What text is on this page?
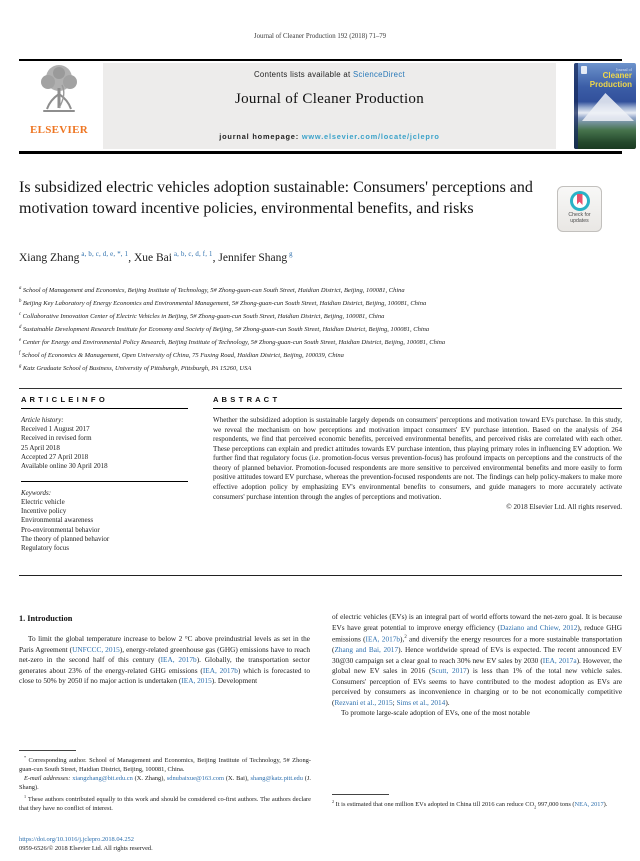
Journal of Cleaner Production 192 (2018) 71–79
ELSEVIER
Contents lists available at ScienceDirect
Journal of Cleaner Production
journal homepage: www.elsevier.com/locate/jclepro
Journal of
Cleaner
Production
Is subsidized electric vehicles adoption sustainable: Consumers' perceptions and motivation toward incentive policies, environmental benefits, and risks	Check for
updates
Xiang Zhang $^{a, b, c, d, e, *, 1}$, Xue Bai $^{a, b, c, d, f, 1}$, Jennifer Shang $^g$
$^a$ School of Management and Economics, Beijing Institute of Technology, 5# Zhong-guan-cun South Street, Haidian District, Beijing, 100081, China
$^b$ Beijing Key Laboratory of Energy Economics and Environmental Management, 5# Zhong-guan-cun South Street, Haidian District, Beijing, 100081, China
$^c$ Collaborative Innovation Center of Electric Vehicles in Beijing, 5# Zhong-guan-cun South Street, Haidian District, Beijing, 100081, China
$^d$ Sustainable Development Research Institute for Economy and Society of Beijing, 5# Zhong-guan-cun South Street, Haidian District, Beijing, 100081, China
$^e$ Center for Energy and Environmental Policy Research, Beijing Institute of Technology, 5# Zhong-guan-cun South Street, Haidian District, Beijing, 100081, China
$^f$ School of Economics & Management, Open University of China, 75 Fuxing Road, Haidian District, Beijing, 100039, China
$^g$ Katz Graduate School of Business, University of Pittsburgh, Pittsburgh, PA 15260, USA
A R T I C L E I N F O
Article history:
Received 1 August 2017
Received in revised form
25 April 2018
Accepted 27 April 2018
Available online 30 April 2018
Keywords:
Electric vehicle
Incentive policy
Environmental awareness
Pro-environmental behavior
The theory of planned behavior
Regulatory focus
A B S T R A C T
Whether the subsidized adoption is sustainable largely depends on consumers' perceptions and motivation toward EVs purchase. In this study, we reveal the mechanism on how perceptions and motivation impact consumers' EV purchase intention. Based on the analysis of 264 respondents, we find that perceived economic benefits, perceived environmental benefits, and perceived risks are correlated with each other. These perceptions can explain and predict attitudes towards EV purchase intention, thus playing primary roles in influencing EV adoption. We further find that regulatory focus (i.e. promotion-focus versus prevention-focus) has profound impacts on perceptions and the constructs of the theory of planned behavior. Promotion-focused respondents are more sensitive to perceived environmental benefits and more easily to form positive attitudes toward EV purchase, whereas the prevention-focused respondents are not. The findings can help policy-makers to make more effective adoption policy by emphasizing EV's environmental benefits to consumers, and guide managers to more accurately activate consumers' purchase intention through the angles of perceptions and motivation.
© 2018 Elsevier Ltd. All rights reserved.
1. Introduction

To limit the global temperature increase to below 2 °C above preindustrial levels as set in the Paris Agreement (UNFCCC, 2015), energy-related greenhouse gas (GHG) emissions have to reach net-zero in the second half of this century (IEA, 2017b). Globally, the transportation sector generates about 23% of the energy-related GHG emissions (IEA, 2017b) which is forecasted to close to 50% by 2050 if no major action is undertaken (IEA, 2015). Development

of electric vehicles (EVs) is an integral part of world efforts toward the net-zero goal. It is because EVs have great potential to improve energy efficiency (Daziano and Chiew, 2012), reduce GHG emissions (IEA, 2017b),$^2$ and diversify the energy resources for a more sustainable transportation (Zhang and Bai, 2017). Hence worldwide spread of EVs is expected. The recent announced EV 30@30 campaign set a clear goal to reach 30% new EV sales by 2030 (IEA, 2017a). However, the global new EV sales in 2016 (Scutt, 2017) is less than 1% of the total new vehicle sales. Consumers' perception of EVs seems to have contributed to the modest adoption as EVs are perceived by consumers as inconvenience in charging or to be not economically competitive (Rezvani et al., 2015; Sims et al., 2014).

To promote large-scale adoption of EVs, one of the most notable

* Corresponding author. School of Management and Economics, Beijing Institute of Technology, 5# Zhong-guan-cun South Street, Haidian District, Beijing, 100081, China.

E-mail addresses: xiangzhang@bit.edu.cn (X. Zhang), sdnubaixue@163.com (X. Bai), shang@katz.pitt.edu (J. Shang).

$^1$ These authors contributed equally to this work and should be considered co-first authors. The authors declare that they have no conflict of interest.

$^2$ It is estimated that one million EVs adopted in China till 2016 can reduce $CO_2$ 997,000 tons (NEA, 2017).
https://doi.org/10.1016/j.jclepro.2018.04.252
0959-6526/© 2018 Elsevier Ltd. All rights reserved.
